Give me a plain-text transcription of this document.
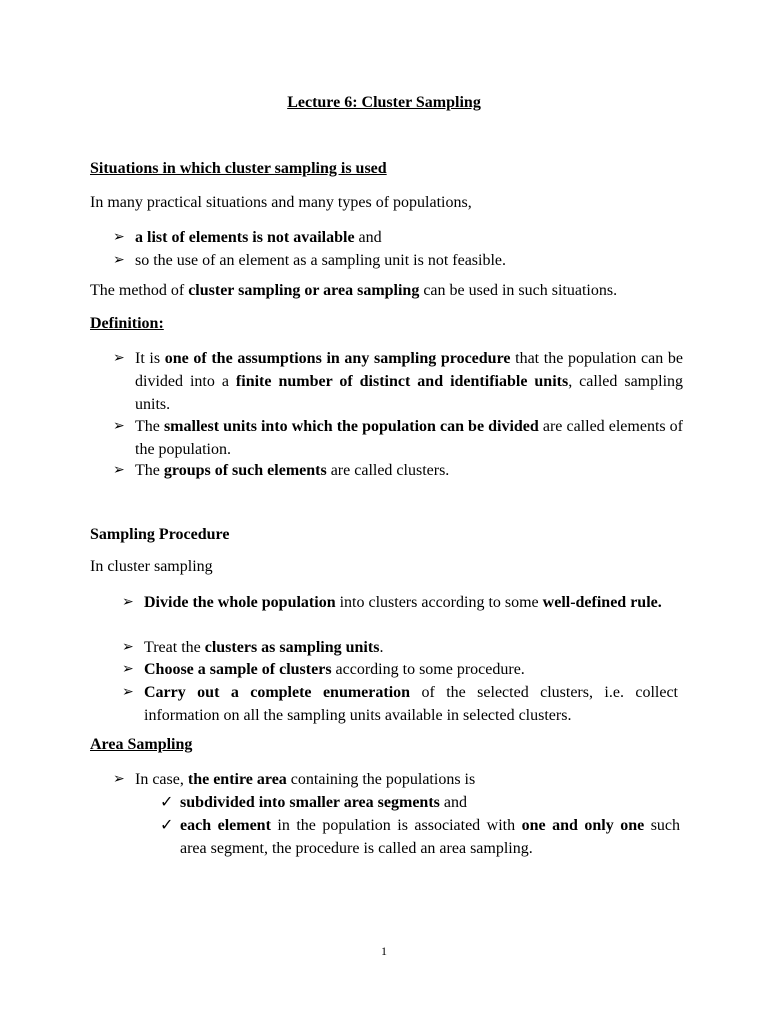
Lecture 6: Cluster Sampling
Situations in which cluster sampling is used
In many practical situations and many types of populations,
➢ a list of elements is not available and
➢ so the use of an element as a sampling unit is not feasible.
The method of cluster sampling or area sampling can be used in such situations.
Definition:
➢ It is one of the assumptions in any sampling procedure that the population can be divided into a finite number of distinct and identifiable units, called sampling units.
➢ The smallest units into which the population can be divided are called elements of the population.
➢ The groups of such elements are called clusters.
Sampling Procedure
In cluster sampling
➢ Divide the whole population into clusters according to some well-defined rule.
➢ Treat the clusters as sampling units.
➢ Choose a sample of clusters according to some procedure.
➢ Carry out a complete enumeration of the selected clusters, i.e. collect information on all the sampling units available in selected clusters.
Area Sampling
➢ In case, the entire area containing the populations is
✓ subdivided into smaller area segments and
✓ each element in the population is associated with one and only one such area segment, the procedure is called an area sampling.
1
